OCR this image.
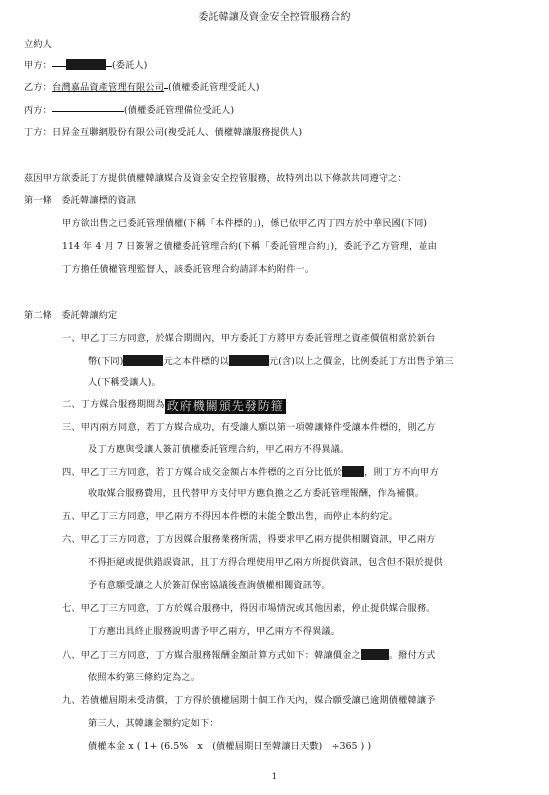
委託韓讓及資金安全控管服務合約
立約人
甲方：	(委託人)
乙方：台灣嘉品資產管理有限公司 (債權委託管理受託人)
丙方：	(債權委託管理備位受託人)
丁方：日昇金互聯網股份有限公司(複受託人、債權韓讓服務提供人)
茲因甲方欲委託丁方提供債權韓讓媒合及資金安全控管服務，故特列出以下條款共同遵守之：
第一條　委託韓讓標的資訊
甲方欲出售之已委託管理債權(下稱「本件標的」)，係已依甲乙丙丁四方於中華民國(下同)
114 年 4 月 7 日簽署之債權委託管理合約(下稱「委託管理合約」)，委託予乙方管理，並由
丁方擔任債權管理監督人，該委託管理合約請詳本約附件一。
第二條　委託韓讓約定
一、甲乙丁三方同意，於媒合期間內，甲方委託丁方將甲方委託管理之資產價值相當於新台
幣(下同)	元之本件標的以	元(含)以上之價金，比例委託丁方出售予第三
人(下稱受讓人)。
二、丁方媒合服務期間為 政府機關頒先發防箍
三、甲丙兩方同意，若丁方媒合成功，有受讓人願以第一項韓讓條件受讓本件標的，則乙方
及丁方應與受讓人簽訂債權委託管理合約，甲乙兩方不得異議。
四、甲乙丁三方同意，若丁方媒合成交金額占本件標的之百分比低於 ，則丁方不向甲方
收取媒合服務費用，且代替甲方支付甲方應負擔之乙方委託管理報酬，作為補償。
五、甲乙丁三方同意，甲乙兩方不得因本件標的未能全數出售，而停止本約約定。
六、甲乙丁三方同意，丁方因媒合服務業務所需，得要求甲乙兩方提供相關資訊，甲乙兩方
不得拒絕或提供錯誤資訊，且丁方得合理使用甲乙兩方所提供資訊，包含但不限於提供
予有意願受讓之人於簽訂保密協議後查詢債權相關資訊等。
七、甲乙丁三方同意，丁方於媒合服務中，得因市場情況或其他因素，停止提供媒合服務。
丁方應出具終止服務說明書予甲乙兩方，甲乙兩方不得異議。
八、甲乙丁三方同意，丁方媒合服務報酬金額計算方式如下：韓讓價金之	。撥付方式
依照本約第三條約定為之。
九、若債權屆期未受清償，丁方得於債權屆期十個工作天內，媒合願受讓已逾期債權韓讓予
第三人，其韓讓金額約定如下：
債權本金 x ( 1+ (6.5%　x　(債權屆期日至韓讓日天數)　÷365 ) )
1
